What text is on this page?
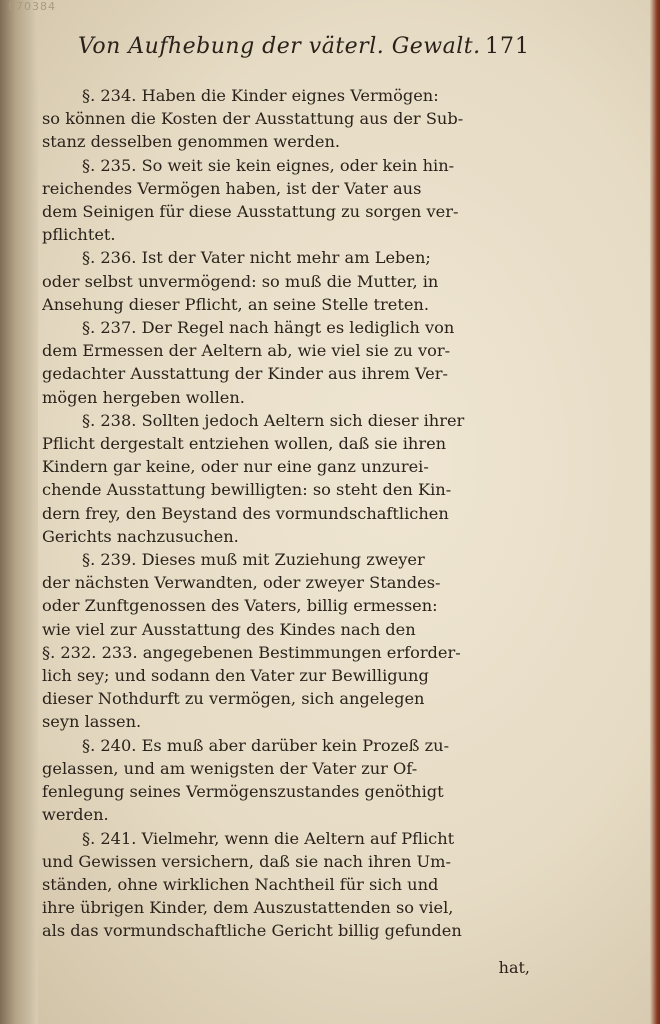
870384
Von Aufhebung der väterl. Gewalt. 171
§. 234. Haben die Kinder eignes Vermögen:
so können die Kosten der Ausstattung aus der Sub-
stanz desselben genommen werden.
§. 235. So weit sie kein eignes, oder kein hin-
reichendes Vermögen haben, ist der Vater aus
dem Seinigen für diese Ausstattung zu sorgen ver-
pflichtet.
§. 236. Ist der Vater nicht mehr am Leben;
oder selbst unvermögend: so muß die Mutter, in
Ansehung dieser Pflicht, an seine Stelle treten.
§. 237. Der Regel nach hängt es lediglich von
dem Ermessen der Aeltern ab, wie viel sie zu vor-
gedachter Ausstattung der Kinder aus ihrem Ver-
mögen hergeben wollen.
§. 238. Sollten jedoch Aeltern sich dieser ihrer
Pflicht dergestalt entziehen wollen, daß sie ihren
Kindern gar keine, oder nur eine ganz unzurei-
chende Ausstattung bewilligten: so steht den Kin-
dern frey, den Beystand des vormundschaftlichen
Gerichts nachzusuchen.
§. 239. Dieses muß mit Zuziehung zweyer
der nächsten Verwandten, oder zweyer Standes-
oder Zunftgenossen des Vaters, billig ermessen:
wie viel zur Ausstattung des Kindes nach den
§. 232. 233. angegebenen Bestimmungen erforder-
lich sey; und sodann den Vater zur Bewilligung
dieser Nothdurft zu vermögen, sich angelegen
seyn lassen.
§. 240. Es muß aber darüber kein Prozeß zu-
gelassen, und am wenigsten der Vater zur Of-
fenlegung seines Vermögenszustandes genöthigt
werden.
§. 241. Vielmehr, wenn die Aeltern auf Pflicht
und Gewissen versichern, daß sie nach ihren Um-
ständen, ohne wirklichen Nachtheil für sich und
ihre übrigen Kinder, dem Auszustattenden so viel,
als das vormundschaftliche Gericht billig gefunden
hat,
